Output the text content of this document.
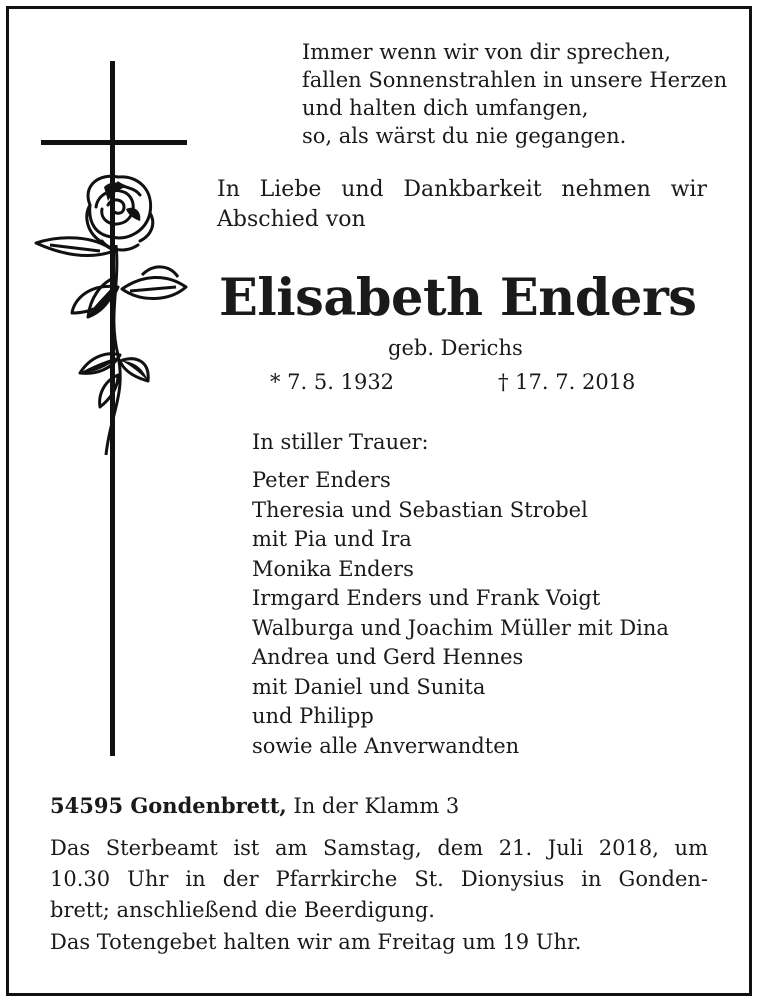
Immer wenn wir von dir sprechen,
fallen Sonnenstrahlen in unsere Herzen
und halten dich umfangen,
so, als wärst du nie gegangen.
In Liebe und Dankbarkeit nehmen wir
Abschied von
Elisabeth Enders
geb. Derichs
* 7. 5. 1932	† 17. 7. 2018
In stiller Trauer:
Peter Enders
Theresia und Sebastian Strobel
mit Pia und Ira
Monika Enders
Irmgard Enders und Frank Voigt
Walburga und Joachim Müller mit Dina
Andrea und Gerd Hennes
mit Daniel und Sunita
und Philipp
sowie alle Anverwandten
54595 Gondenbrett, In der Klamm 3
Das Sterbeamt ist am Samstag, dem 21. Juli 2018, um
10.30 Uhr in der Pfarrkirche St. Dionysius in Gonden-
brett; anschließend die Beerdigung.
Das Totengebet halten wir am Freitag um 19 Uhr.
